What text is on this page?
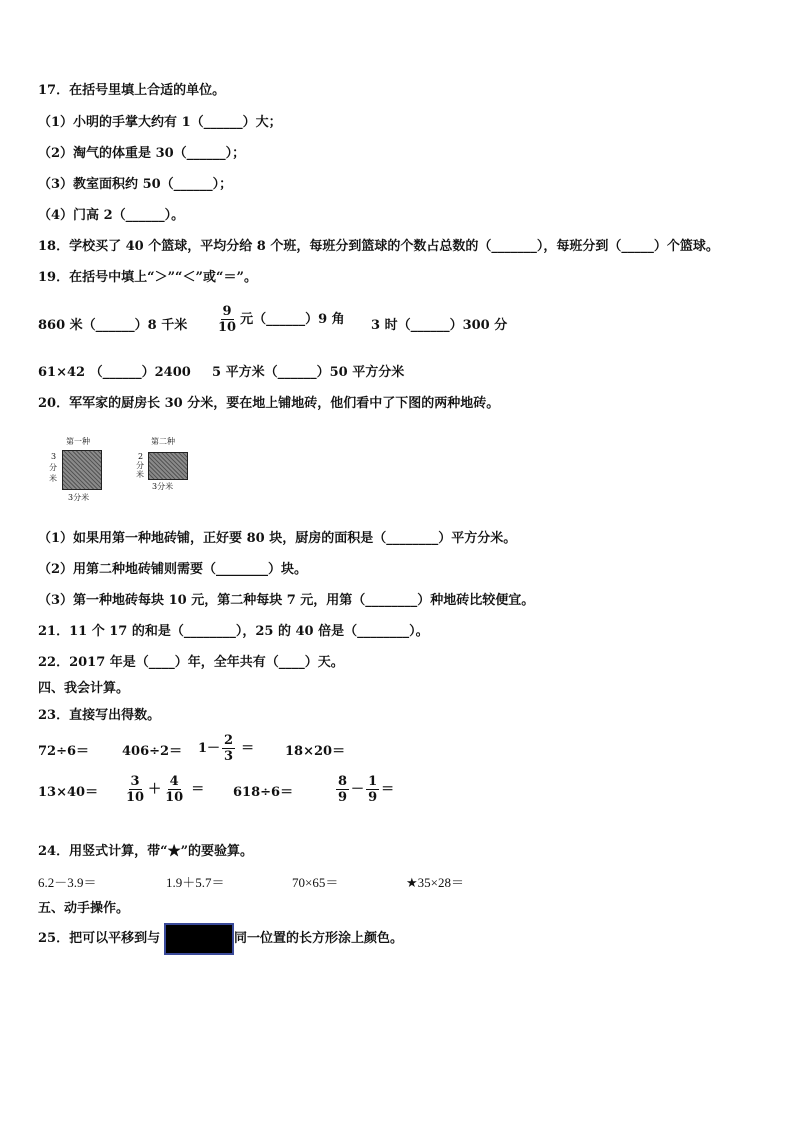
17．在括号里填上合适的单位。
（1）小明的手掌大约有 1（______）大；
（2）淘气的体重是 30（______）；
（3）教室面积约 50（______）；
（4）门高 2（______）。
18．学校买了 40 个篮球，平均分给 8 个班，每班分到篮球的个数占总数的（_______），每班分到（_____）个篮球。
19．在括号中填上“＞”“＜”或“＝”。
860 米（______）8 千米 $\frac{9}{10}$ 元（______）9 角 3 时（______）300 分
61×42 （______）2400 5 平方米（______）50 平方分米
20．军军家的厨房长 30 分米，要在地上铺地砖，他们看中了下图的两种地砖。
第一种
3
分
米
3分米
第二种
2
分
米
3分米
（1）如果用第一种地砖铺，正好要 80 块，厨房的面积是（________）平方分米。
（2）用第二种地砖铺则需要（________）块。
（3）第一种地砖每块 10 元，第二种每块 7 元，用第（________）种地砖比较便宜。
21．11 个 17 的和是（________），25 的 40 倍是（________）。
22．2017 年是（____）年，全年共有（____）天。
四、我会计算。
23．直接写出得数。
72÷6＝	$406\div 2= 1- \frac{2}{3} = 18\times 20=$
$13\times 40= \frac{3}{10} + \frac{4}{10} = 618\div 6=$	$\frac{8}{9} - \frac{1}{9}$ ＝
24．用竖式计算，带“★”的要验算。
6.2－3.9＝	1.9＋5.7＝	70×65＝	★35×28＝
五、动手操作。
25．把可以平移到与	同一位置的长方形涂上颜色。
